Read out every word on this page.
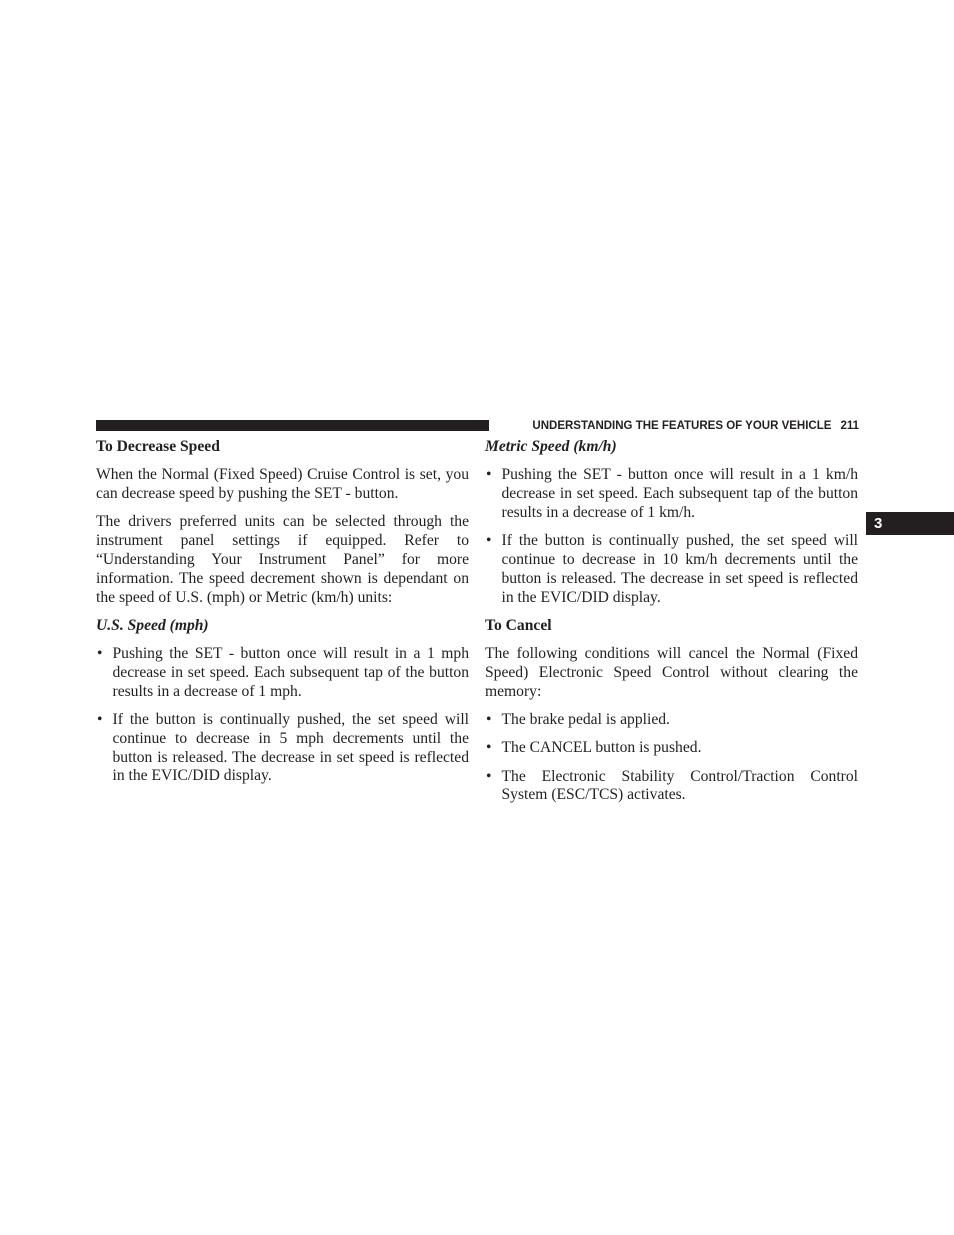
UNDERSTANDING THE FEATURES OF YOUR VEHICLE 211
3
To Decrease Speed

When the Normal (Fixed Speed) Cruise Control is set, you can decrease speed by pushing the SET - button.

The drivers preferred units can be selected through the instrument panel settings if equipped. Refer to “Understanding Your Instrument Panel” for more information. The speed decrement shown is dependant on the speed of U.S. (mph) or Metric (km/h) units:

U.S. Speed (mph)
• Pushing the SET - button once will result in a 1 mph decrease in set speed. Each subsequent tap of the button results in a decrease of 1 mph.
• If the button is continually pushed, the set speed will continue to decrease in 5 mph decrements until the button is released. The decrease in set speed is reflected in the EVIC/DID display.
Metric Speed (km/h)
• Pushing the SET - button once will result in a 1 km/h decrease in set speed. Each subsequent tap of the button results in a decrease of 1 km/h.
• If the button is continually pushed, the set speed will continue to decrease in 10 km/h decrements until the button is released. The decrease in set speed is reflected in the EVIC/DID display.
To Cancel

The following conditions will cancel the Normal (Fixed Speed) Electronic Speed Control without clearing the memory:

• The brake pedal is applied.
• The CANCEL button is pushed.
• The Electronic Stability Control/Traction Control System (ESC/TCS) activates.
